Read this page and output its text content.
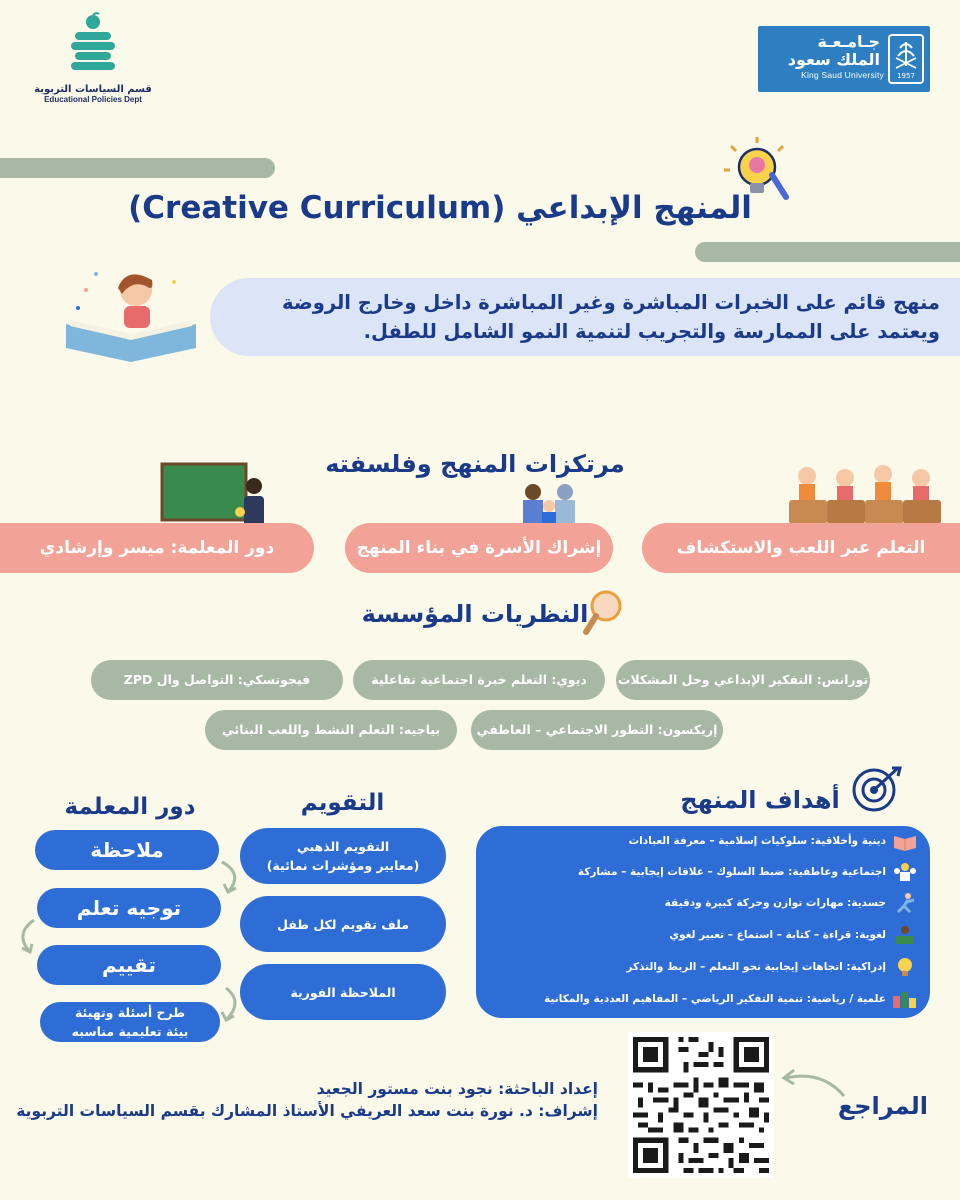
جـامـعـة
الملك سعود
King Saud University 1957
قسم السياسات التربوية
Educational Policies Dept
المنهج الإبداعي (Creative Curriculum)
منهج قائم على الخبرات المباشرة وغير المباشرة داخل وخارج الروضة ويعتمد على الممارسة والتجريب لتنمية النمو الشامل للطفل.
مرتكزات المنهج وفلسفته
التعلم عبر اللعب والاستكشاف
إشراك الأسرة في بناء المنهج
دور المعلمة: ميسر وإرشادي
النظريات المؤسسة
تورانس: التفكير الإبداعي وحل المشكلات
ديوي: التعلم خبرة اجتماعية تفاعلية
فيجوتسكي: التواصل وال ZPD
إريكسون: التطور الاجتماعي – العاطفي
بياجيه: التعلم النشط واللعب البنائي
أهداف المنهج
دينية وأخلاقية: سلوكيات إسلامية – معرفة العبادات
اجتماعية وعاطفية: ضبط السلوك – علاقات إيجابية – مشاركة
جسدية: مهارات توازن وحركة كبيرة ودقيقة
لغوية: قراءة – كتابة – استماع – تعبير لغوي
إدراكية: اتجاهات إيجابية نحو التعلم – الربط والتذكر
علمية / رياضية: تنمية التفكير الرياضي – المفاهيم العددية والمكانية
التقويم
التقويم الذهبي
(معايير ومؤشرات نمائية)
ملف تقويم لكل طفل
الملاحظة الفورية
دور المعلمة
ملاحظة
توجيه تعلم
تقييم
طرح أسئلة وتهيئة
بيئة تعليمية مناسبه
المراجع
إعداد الباحثة: نجود بنت مستور الجعيد
إشراف: د. نورة بنت سعد العريفي الأستاذ المشارك بقسم السياسات التربوية
